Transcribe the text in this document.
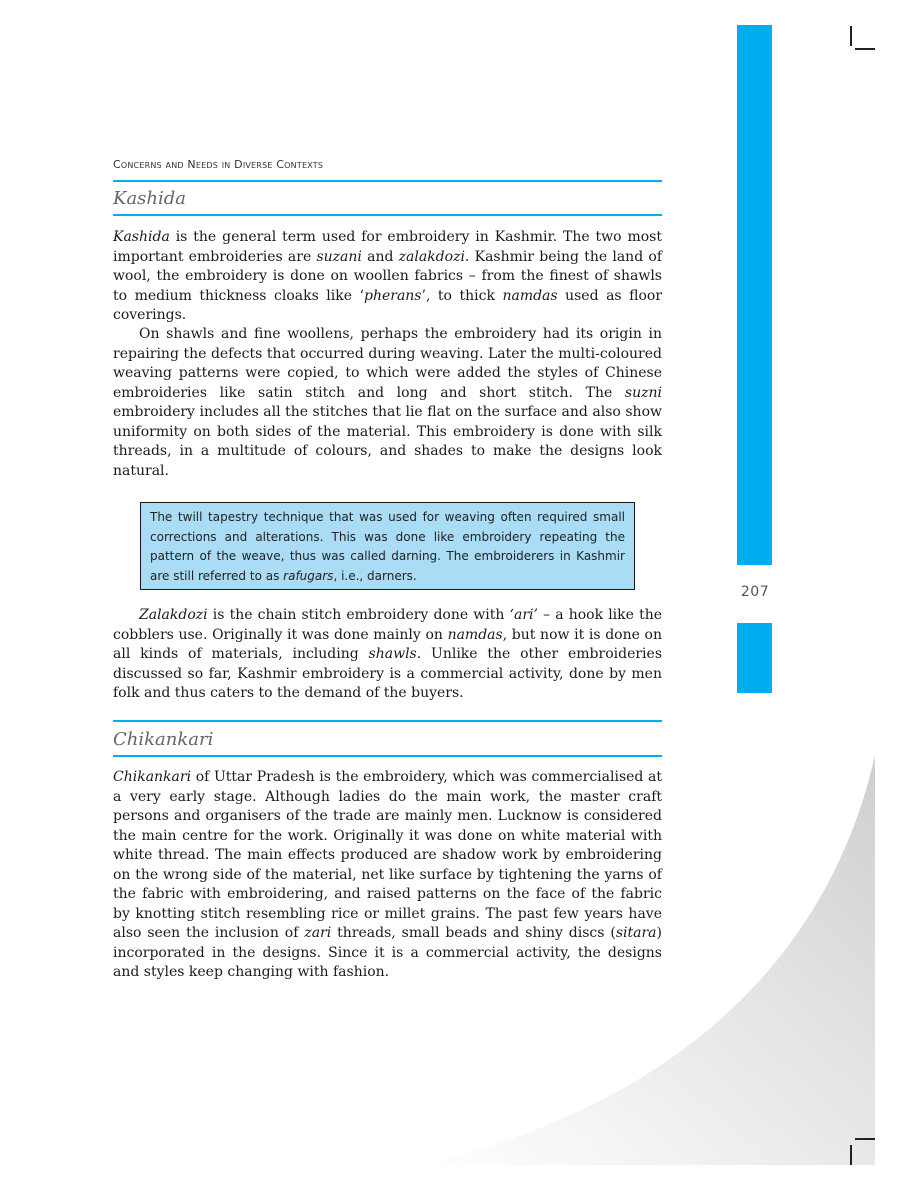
207
Concerns and Needs in Diverse Contexts
Kashida

Kashida is the general term used for embroidery in Kashmir. The two most important embroideries are suzani and zalakdozi. Kashmir being the land of wool, the embroidery is done on woollen fabrics – from the finest of shawls to medium thickness cloaks like ‘pherans’, to thick namdas used as floor coverings.

On shawls and fine woollens, perhaps the embroidery had its origin in repairing the defects that occurred during weaving. Later the multi-coloured weaving patterns were copied, to which were added the styles of Chinese embroideries like satin stitch and long and short stitch. The suzni embroidery includes all the stitches that lie flat on the surface and also show uniformity on both sides of the material. This embroidery is done with silk threads, in a multitude of colours, and shades to make the designs look natural.

The twill tapestry technique that was used for weaving often required small corrections and alterations. This was done like embroidery repeating the pattern of the weave, thus was called darning. The embroiderers in Kashmir are still referred to as rafugars, i.e., darners.

Zalakdozi is the chain stitch embroidery done with ‘ari’ – a hook like the cobblers use. Originally it was done mainly on namdas, but now it is done on all kinds of materials, including shawls. Unlike the other embroideries discussed so far, Kashmir embroidery is a commercial activity, done by men folk and thus caters to the demand of the buyers.

Chikankari

Chikankari of Uttar Pradesh is the embroidery, which was commercialised at a very early stage. Although ladies do the main work, the master craft persons and organisers of the trade are mainly men. Lucknow is considered the main centre for the work. Originally it was done on white material with white thread. The main effects produced are shadow work by embroidering on the wrong side of the material, net like surface by tightening the yarns of the fabric with embroidering, and raised patterns on the face of the fabric by knotting stitch resembling rice or millet grains. The past few years have also seen the inclusion of zari threads, small beads and shiny discs (sitara) incorporated in the designs. Since it is a commercial activity, the designs and styles keep changing with fashion.
